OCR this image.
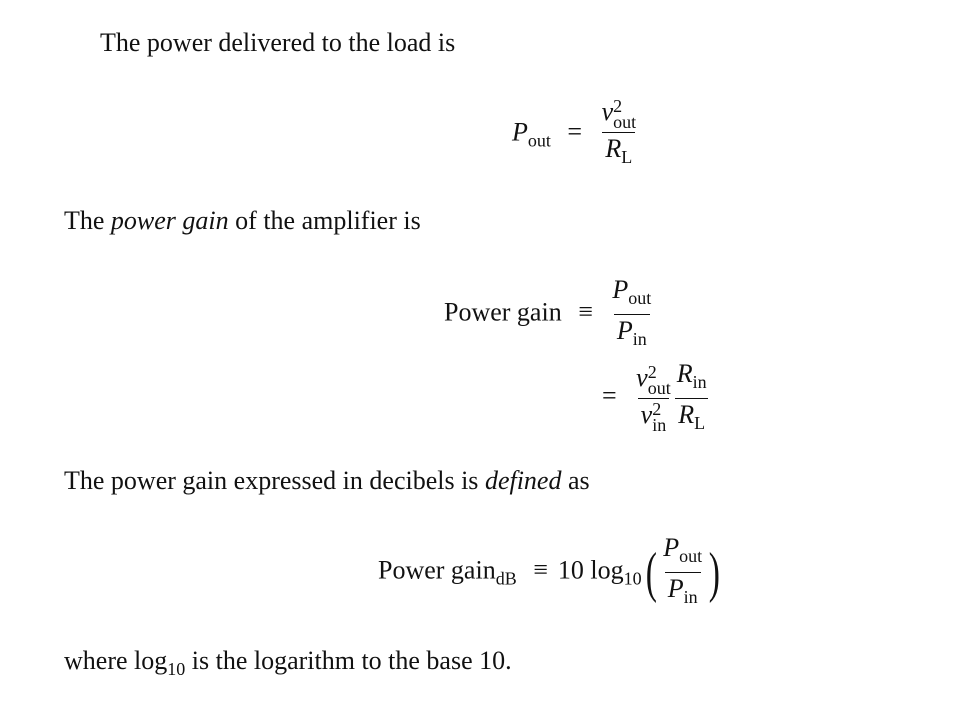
The power delivered to the load is
$P_{out} = v$ 2
out
$R_L$
The power gain of the amplifier is
Power gain ≡ $\frac{P_{out}}{P_{in}}$
= v 2
out
v 2
in $\frac{R_{in}}{R_L}$
The power gain expressed in decibels is defined as
Power gain$_{dB}$ ≡ 10 $\log_{10}( \frac{P_{out}}{P_{in}}$ )
where $\log_{10}$ is the logarithm to the base 10.
